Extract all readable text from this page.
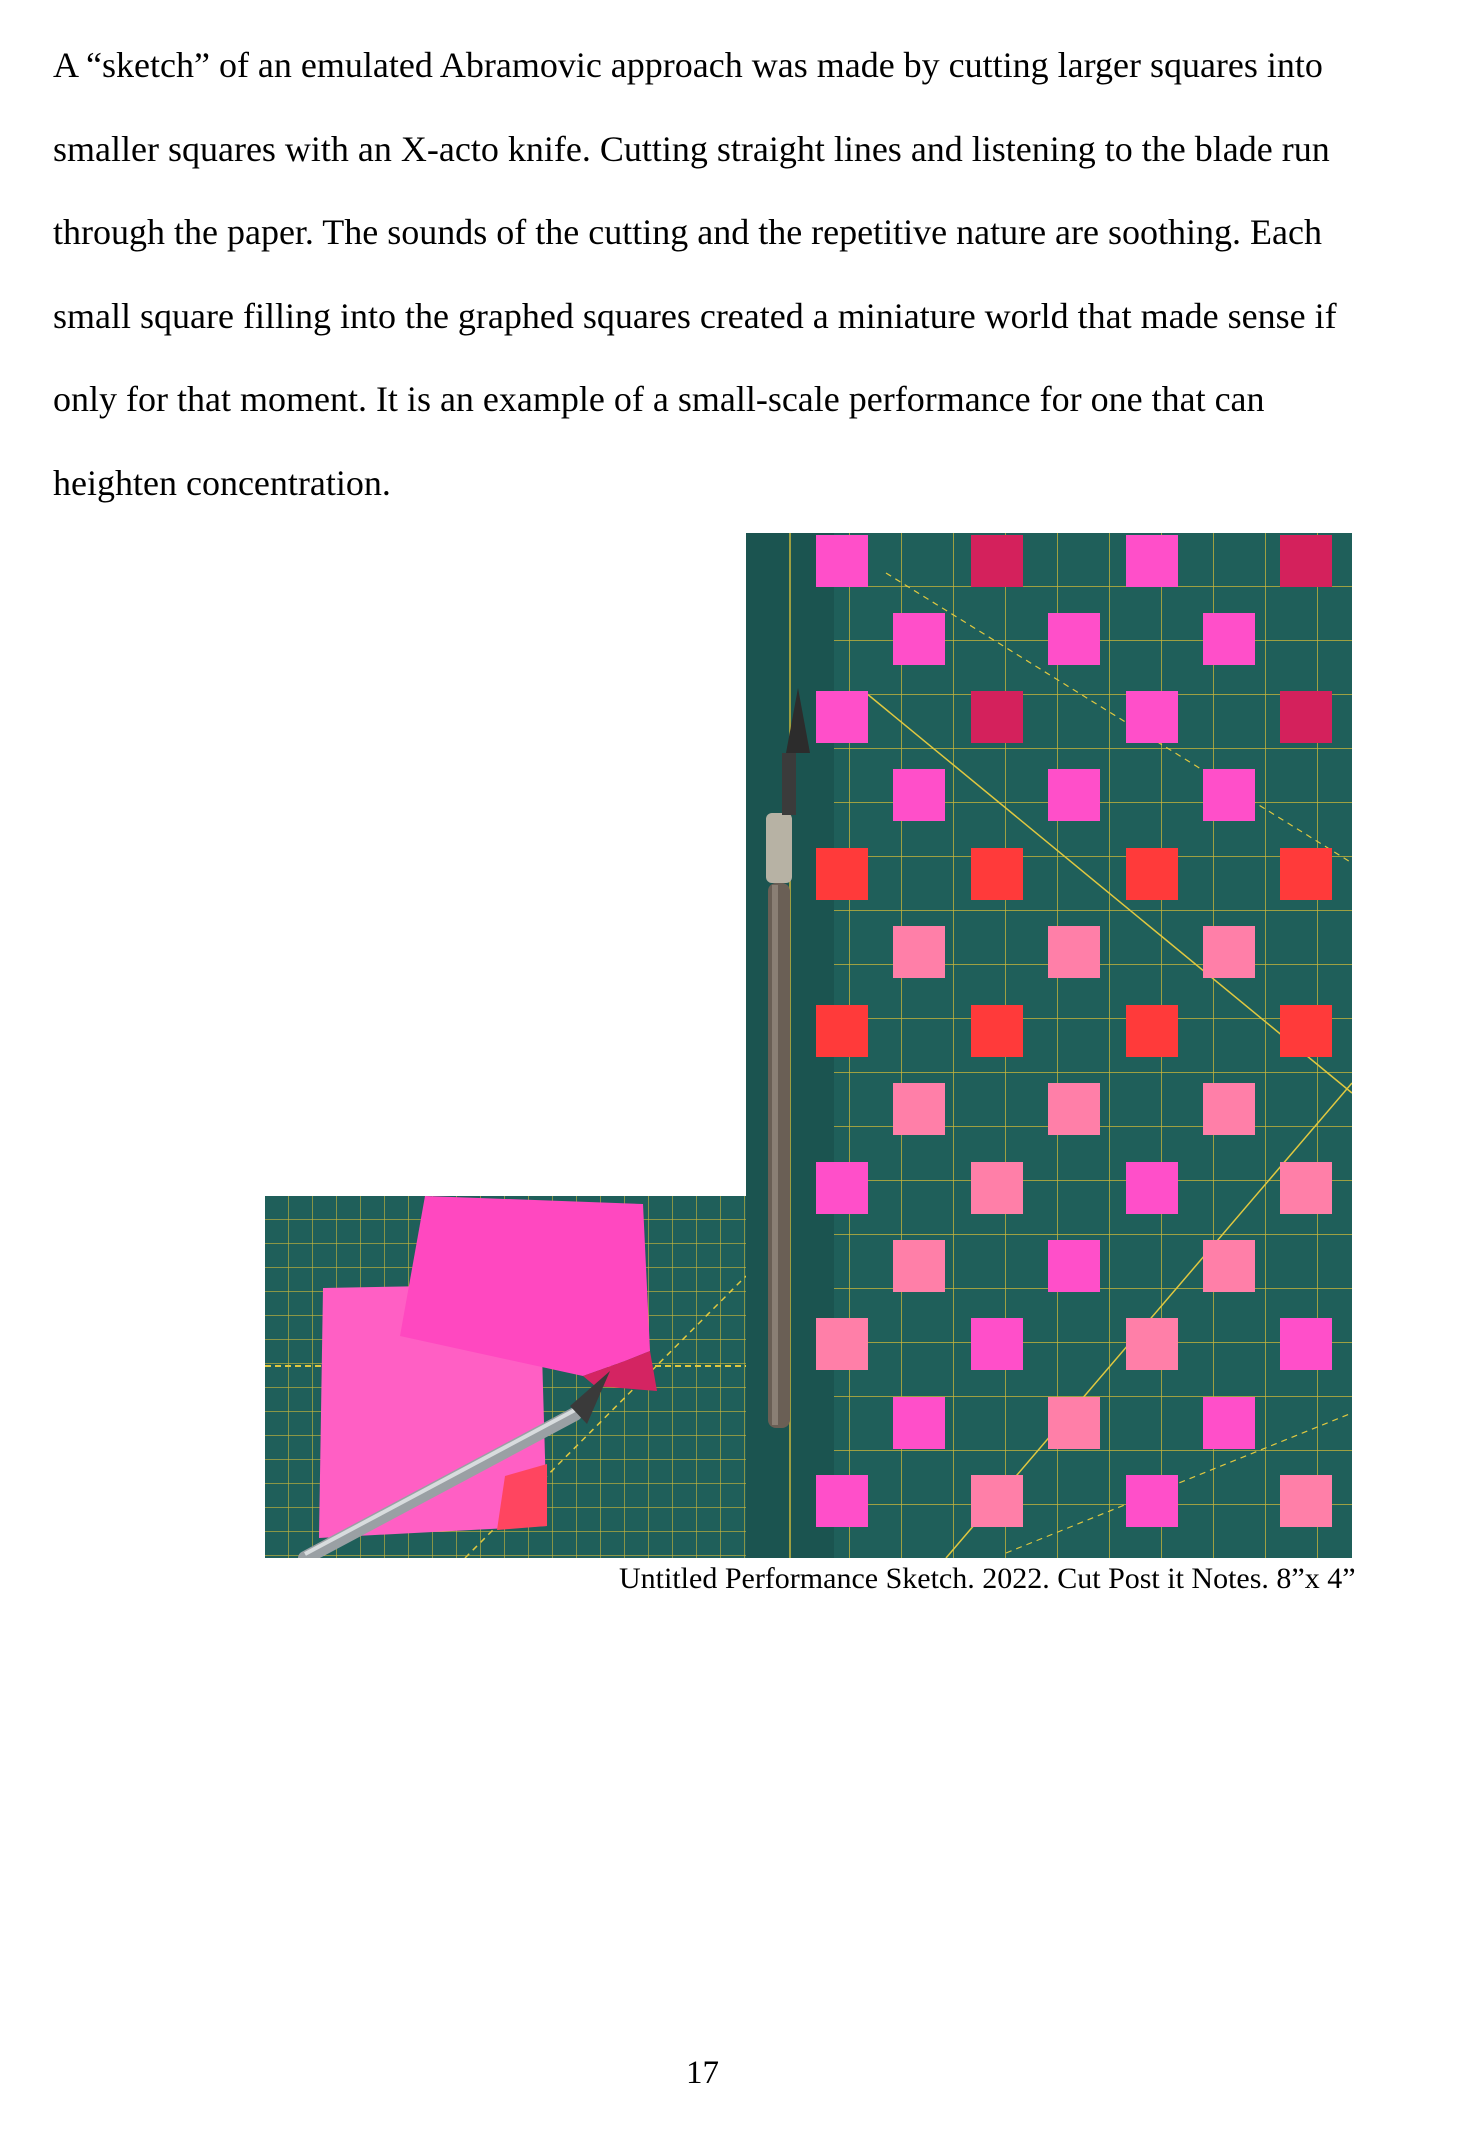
A “sketch” of an emulated Abramovic approach was made by cutting larger squares into
smaller squares with an X-acto knife. Cutting straight lines and listening to the blade run
through the paper. The sounds of the cutting and the repetitive nature are soothing. Each
small square filling into the graphed squares created a miniature world that made sense if
only for that moment. It is an example of a small-scale performance for one that can
heighten concentration.

Untitled Performance Sketch. 2022. Cut Post it Notes. 8”x 4”
17
